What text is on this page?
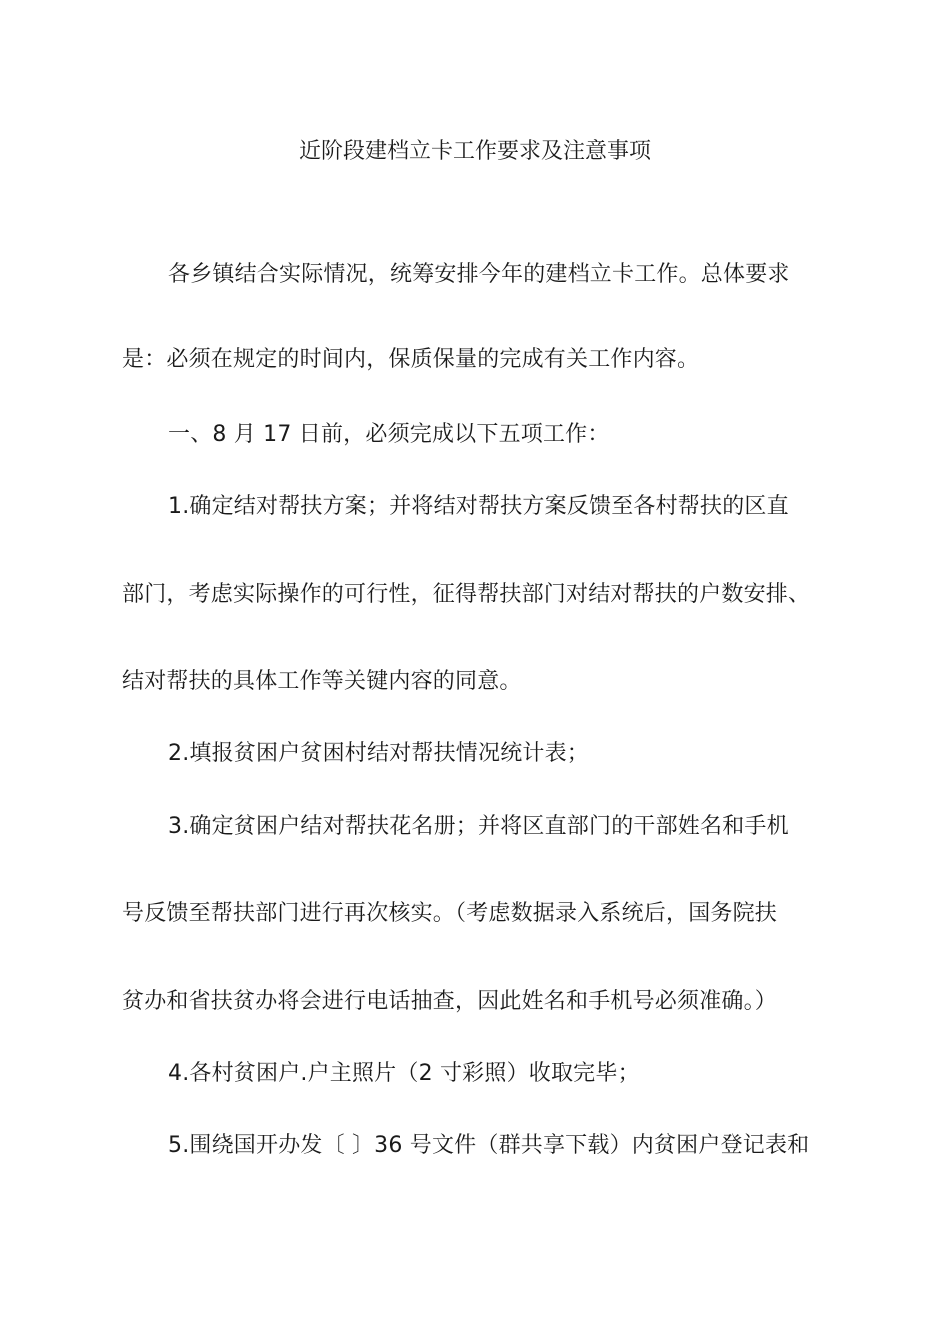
近阶段建档立卡工作要求及注意事项
各乡镇结合实际情况，统筹安排今年的建档立卡工作。总体要求
是：必须在规定的时间内，保质保量的完成有关工作内容。
一、8 月 17 日前，必须完成以下五项工作：
1.确定结对帮扶方案；并将结对帮扶方案反馈至各村帮扶的区直
部门，考虑实际操作的可行性，征得帮扶部门对结对帮扶的户数安排、
结对帮扶的具体工作等关键内容的同意。
2.填报贫困户贫困村结对帮扶情况统计表；
3.确定贫困户结对帮扶花名册；并将区直部门的干部姓名和手机
号反馈至帮扶部门进行再次核实。（考虑数据录入系统后，国务院扶
贫办和省扶贫办将会进行电话抽查，因此姓名和手机号必须准确。）
4.各村贫困户.户主照片（2 寸彩照）收取完毕；
5.围绕国开办发〔 〕36 号文件（群共享下载）内贫困户登记表和
